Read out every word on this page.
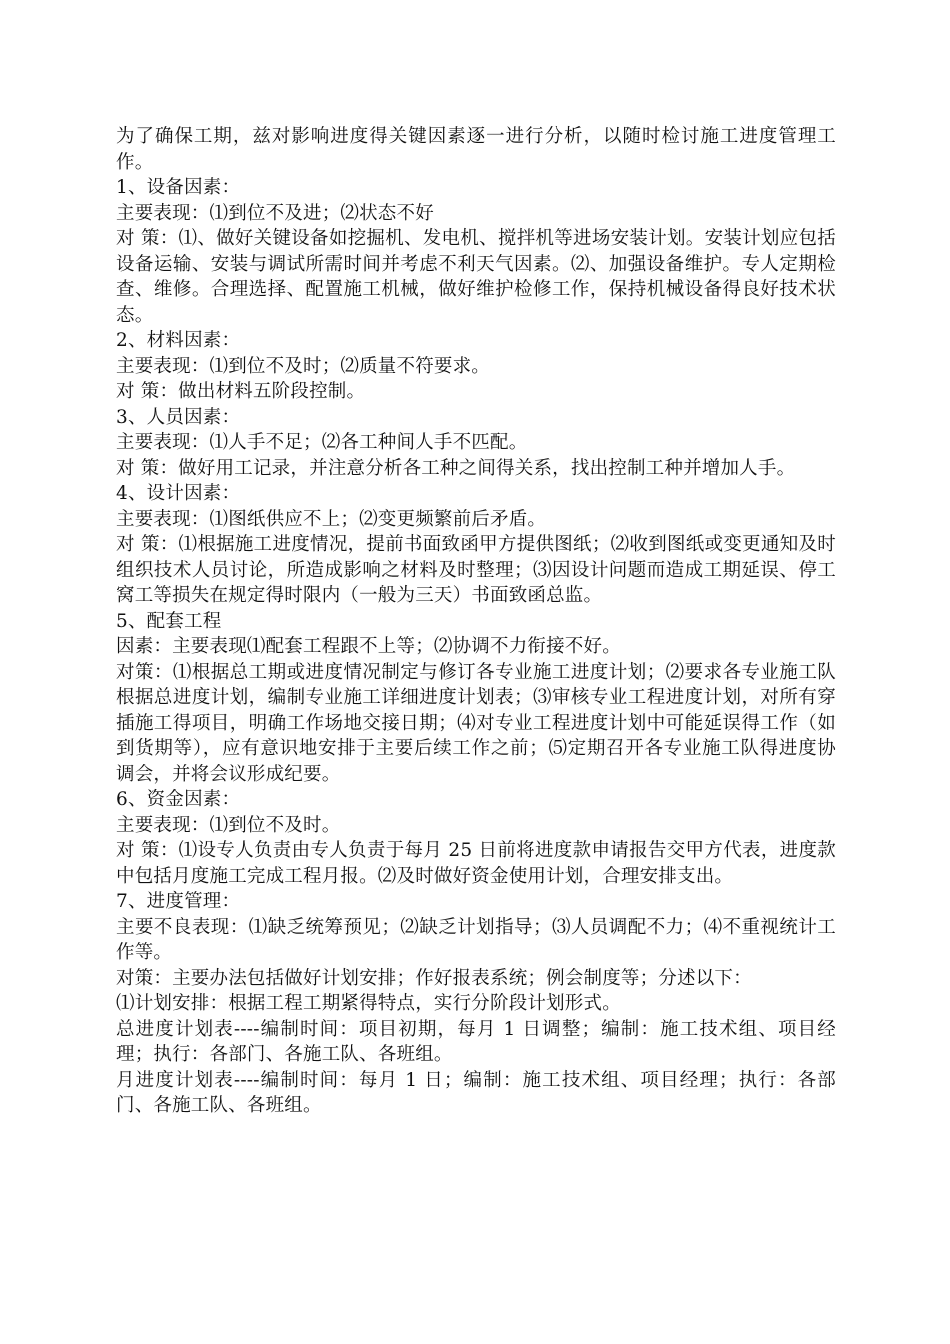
为了确保工期，兹对影响进度得关键因素逐一进行分析，以随时检讨施工进度管理工作。

1、设备因素：

主要表现：⑴到位不及进；⑵状态不好

对 策：⑴、做好关键设备如挖掘机、发电机、搅拌机等进场安装计划。安装计划应包括设备运输、安装与调试所需时间并考虑不利天气因素。⑵、加强设备维护。专人定期检查、维修。合理选择、配置施工机械，做好维护检修工作，保持机械设备得良好技术状态。

2、材料因素：

主要表现：⑴到位不及时；⑵质量不符要求。

对 策：做出材料五阶段控制。

3、人员因素：

主要表现：⑴人手不足；⑵各工种间人手不匹配。

对 策：做好用工记录，并注意分析各工种之间得关系，找出控制工种并增加人手。

4、设计因素：

主要表现：⑴图纸供应不上；⑵变更频繁前后矛盾。

对 策：⑴根据施工进度情况，提前书面致函甲方提供图纸；⑵收到图纸或变更通知及时组织技术人员讨论，所造成影响之材料及时整理；⑶因设计问题而造成工期延误、停工窝工等损失在规定得时限内（一般为三天）书面致函总监。

5、配套工程

因素：主要表现⑴配套工程跟不上等；⑵协调不力衔接不好。

对策：⑴根据总工期或进度情况制定与修订各专业施工进度计划；⑵要求各专业施工队根据总进度计划，编制专业施工详细进度计划表；⑶审核专业工程进度计划，对所有穿插施工得项目，明确工作场地交接日期；⑷对专业工程进度计划中可能延误得工作（如到货期等），应有意识地安排于主要后续工作之前；⑸定期召开各专业施工队得进度协调会，并将会议形成纪要。

6、资金因素：

主要表现：⑴到位不及时。

对 策：⑴设专人负责由专人负责于每月 25 日前将进度款申请报告交甲方代表，进度款中包括月度施工完成工程月报。⑵及时做好资金使用计划，合理安排支出。

7、进度管理：

主要不良表现：⑴缺乏统筹预见；⑵缺乏计划指导；⑶人员调配不力；⑷不重视统计工作等。

对策：主要办法包括做好计划安排；作好报表系统；例会制度等；分述以下：

⑴计划安排：根据工程工期紧得特点，实行分阶段计划形式。

总进度计划表----编制时间：项目初期，每月 1 日调整；编制：施工技术组、项目经理；执行：各部门、各施工队、各班组。

月进度计划表----编制时间：每月 1 日；编制：施工技术组、项目经理；执行：各部门、各施工队、各班组。
